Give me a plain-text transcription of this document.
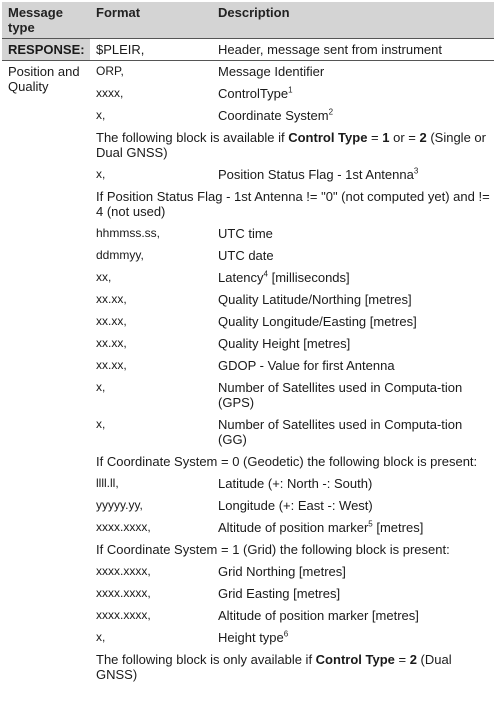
Message type	Format	Description
RESPONSE:	$PLEIR,	Header, message sent from instrument
Position and Quality	ORP,	Message Identifier
	xxxx,	ControlType$^1$
	x,	Coordinate System$^2$
	The following block is available if Control Type = 1 or = 2 (Single or Dual GNSS)	
	x,	Position Status Flag - 1st Antenna$^3$
	If Position Status Flag - 1st Antenna != "0" (not computed yet) and != 4 (not used)	
	hhmmss.ss,	UTC time
	ddmmyy,	UTC date
	xx,	Latency$^4$ [milliseconds]
	xx.xx,	Quality Latitude/Northing [metres]
	xx.xx,	Quality Longitude/Easting [metres]
	xx.xx,	Quality Height [metres]
	xx.xx,	GDOP - Value for first Antenna
	x,	Number of Satellites used in Computa-tion (GPS)
	x,	Number of Satellites used in Computa-tion (GG)
	If Coordinate System = 0 (Geodetic) the following block is present:	
	llll.ll,	Latitude (+: North -: South)
	yyyyy.yy,	Longitude (+: East -: West)
	xxxx.xxxx,	Altitude of position marker$^5$ [metres]
	If Coordinate System = 1 (Grid) the following block is present:	
	xxxx.xxxx,	Grid Northing [metres]
	xxxx.xxxx,	Grid Easting [metres]
	xxxx.xxxx,	Altitude of position marker [metres]
	x,	Height type$^6$
	The following block is only available if Control Type = 2 (Dual GNSS)	
